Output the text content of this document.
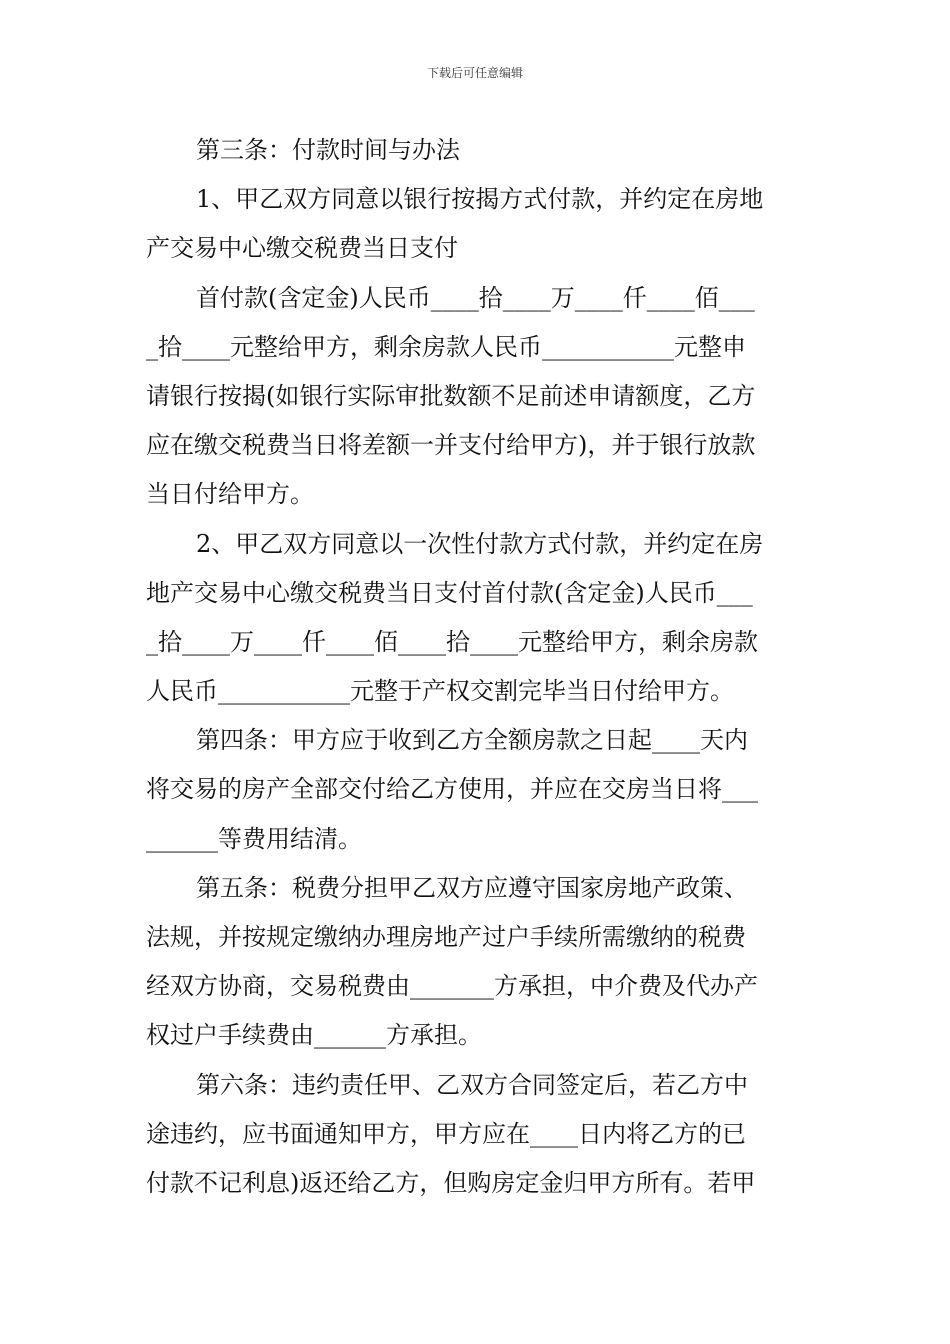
下载后可任意编辑
第三条：付款时间与办法
1、甲乙双方同意以银行按揭方式付款，并约定在房地
产交易中心缴交税费当日支付
首付款(含定金)人民币____拾____万____仟____佰___
_拾____元整给甲方，剩余房款人民币___________元整申
请银行按揭(如银行实际审批数额不足前述申请额度，乙方
应在缴交税费当日将差额一并支付给甲方)，并于银行放款
当日付给甲方。
2、甲乙双方同意以一次性付款方式付款，并约定在房
地产交易中心缴交税费当日支付首付款(含定金)人民币___
_拾____万____仟____佰____拾____元整给甲方，剩余房款
人民币___________元整于产权交割完毕当日付给甲方。
第四条：甲方应于收到乙方全额房款之日起____天内
将交易的房产全部交付给乙方使用，并应在交房当日将___
______等费用结清。
第五条：税费分担甲乙双方应遵守国家房地产政策、
法规，并按规定缴纳办理房地产过户手续所需缴纳的税费
经双方协商，交易税费由_______方承担，中介费及代办产
权过户手续费由______方承担。
第六条：违约责任甲、乙双方合同签定后，若乙方中
途违约，应书面通知甲方，甲方应在____日内将乙方的已
付款不记利息)返还给乙方，但购房定金归甲方所有。若甲
